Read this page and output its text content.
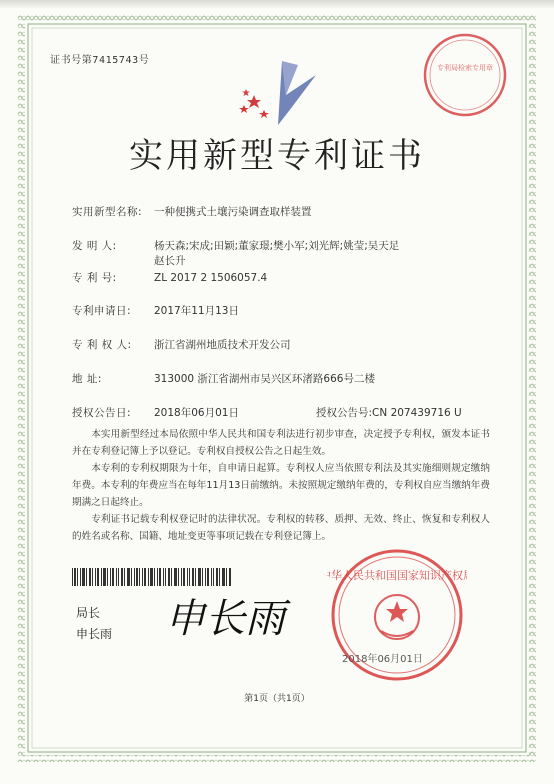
证书号第7415743号
专利局检索专用章
实用新型专利证书
实用新型名称: 一种便携式土壤污染调查取样装置
发 明 人:	杨天森;宋成;田颖;董家璟;樊小军;刘光辉;姚莹;吴天足
赵长升
专 利 号:	ZL 2017 2 1506057.4
专利申请日: 2017年11月13日
专 利 权 人: 浙江省湖州地质技术开发公司
地 址:	313000 浙江省湖州市吴兴区环渚路666号二楼
授权公告日: 2018年06月01日	授权公告号:CN 207439716 U

本实用新型经过本局依照中华人民共和国专利法进行初步审查，决定授予专利权，颁发本证书并在专利登记簿上予以登记。专利权自授权公告之日起生效。

本专利的专利权期限为十年，自申请日起算。专利权人应当依照专利法及其实施细则规定缴纳年费。本专利的年费应当在每年11月13日前缴纳。未按照规定缴纳年费的，专利权自应当缴纳年费期满之日起终止。

专利证书记载专利权登记时的法律状况。专利权的转移、质押、无效、终止、恢复和专利权人的姓名或名称、国籍、地址变更等事项记载在专利登记簿上。

局长
申长雨 申长雨
中华人民共和国国家知识产权局
2018年06月01日
第1页（共1页）
